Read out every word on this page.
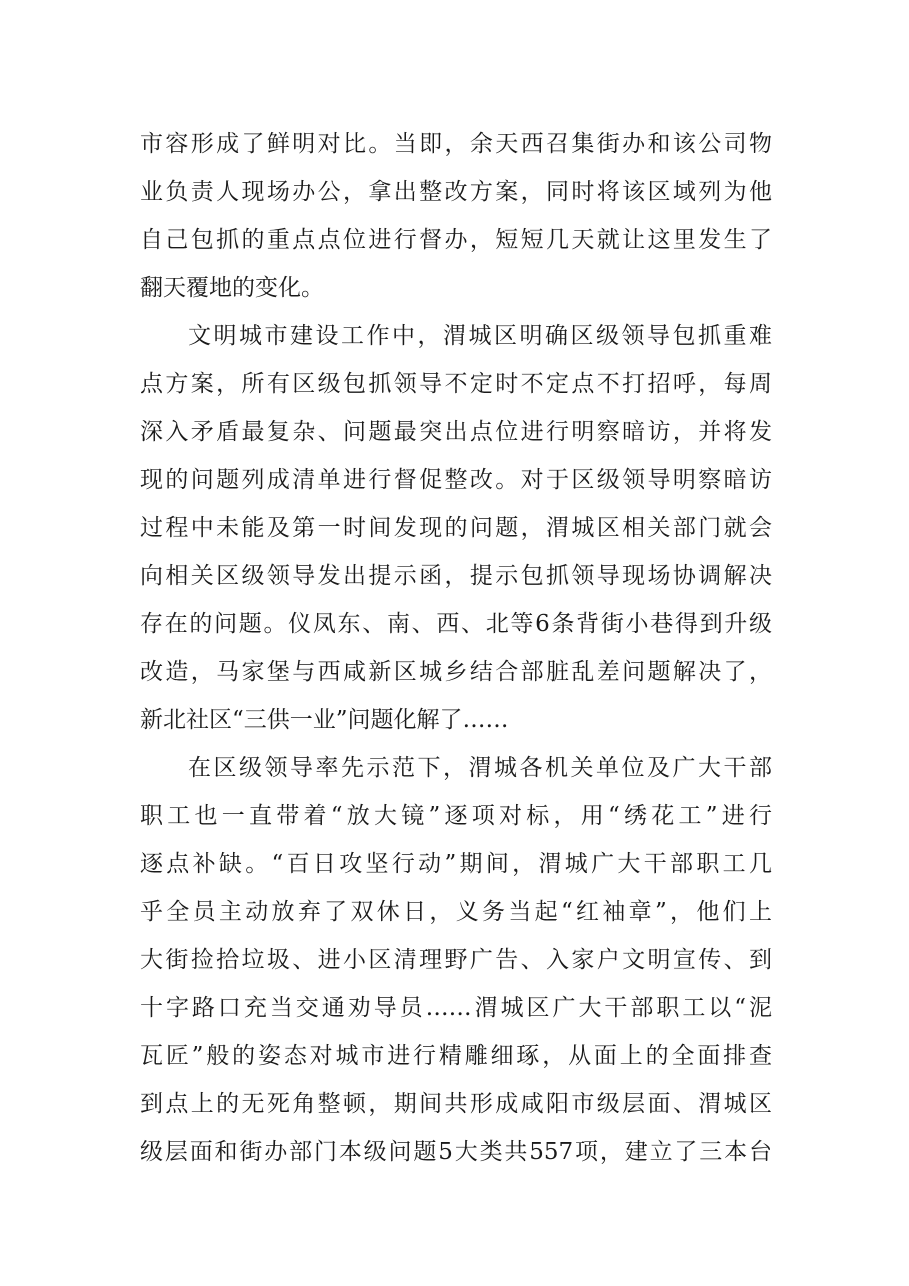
市容形成了鲜明对比。当即，余天西召集街办和该公司物
业负责人现场办公，拿出整改方案，同时将该区域列为他
自己包抓的重点点位进行督办，短短几天就让这里发生了
翻天覆地的变化。
文明城市建设工作中，渭城区明确区级领导包抓重难
点方案，所有区级包抓领导不定时不定点不打招呼，每周
深入矛盾最复杂、问题最突出点位进行明察暗访，并将发
现的问题列成清单进行督促整改。对于区级领导明察暗访
过程中未能及第一时间发现的问题，渭城区相关部门就会
向相关区级领导发出提示函，提示包抓领导现场协调解决
存在的问题。仪凤东、南、西、北等6条背街小巷得到升级
改造，马家堡与西咸新区城乡结合部脏乱差问题解决了，
新北社区“三供一业”问题化解了……
在区级领导率先示范下，渭城各机关单位及广大干部
职工也一直带着“放大镜”逐项对标，用“绣花工”进行
逐点补缺。“百日攻坚行动”期间，渭城广大干部职工几
乎全员主动放弃了双休日，义务当起“红袖章”，他们上
大街捡拾垃圾、进小区清理野广告、入家户文明宣传、到
十字路口充当交通劝导员……渭城区广大干部职工以“泥
瓦匠”般的姿态对城市进行精雕细琢，从面上的全面排查
到点上的无死角整顿，期间共形成咸阳市级层面、渭城区
级层面和街办部门本级问题5大类共557项，建立了三本台
